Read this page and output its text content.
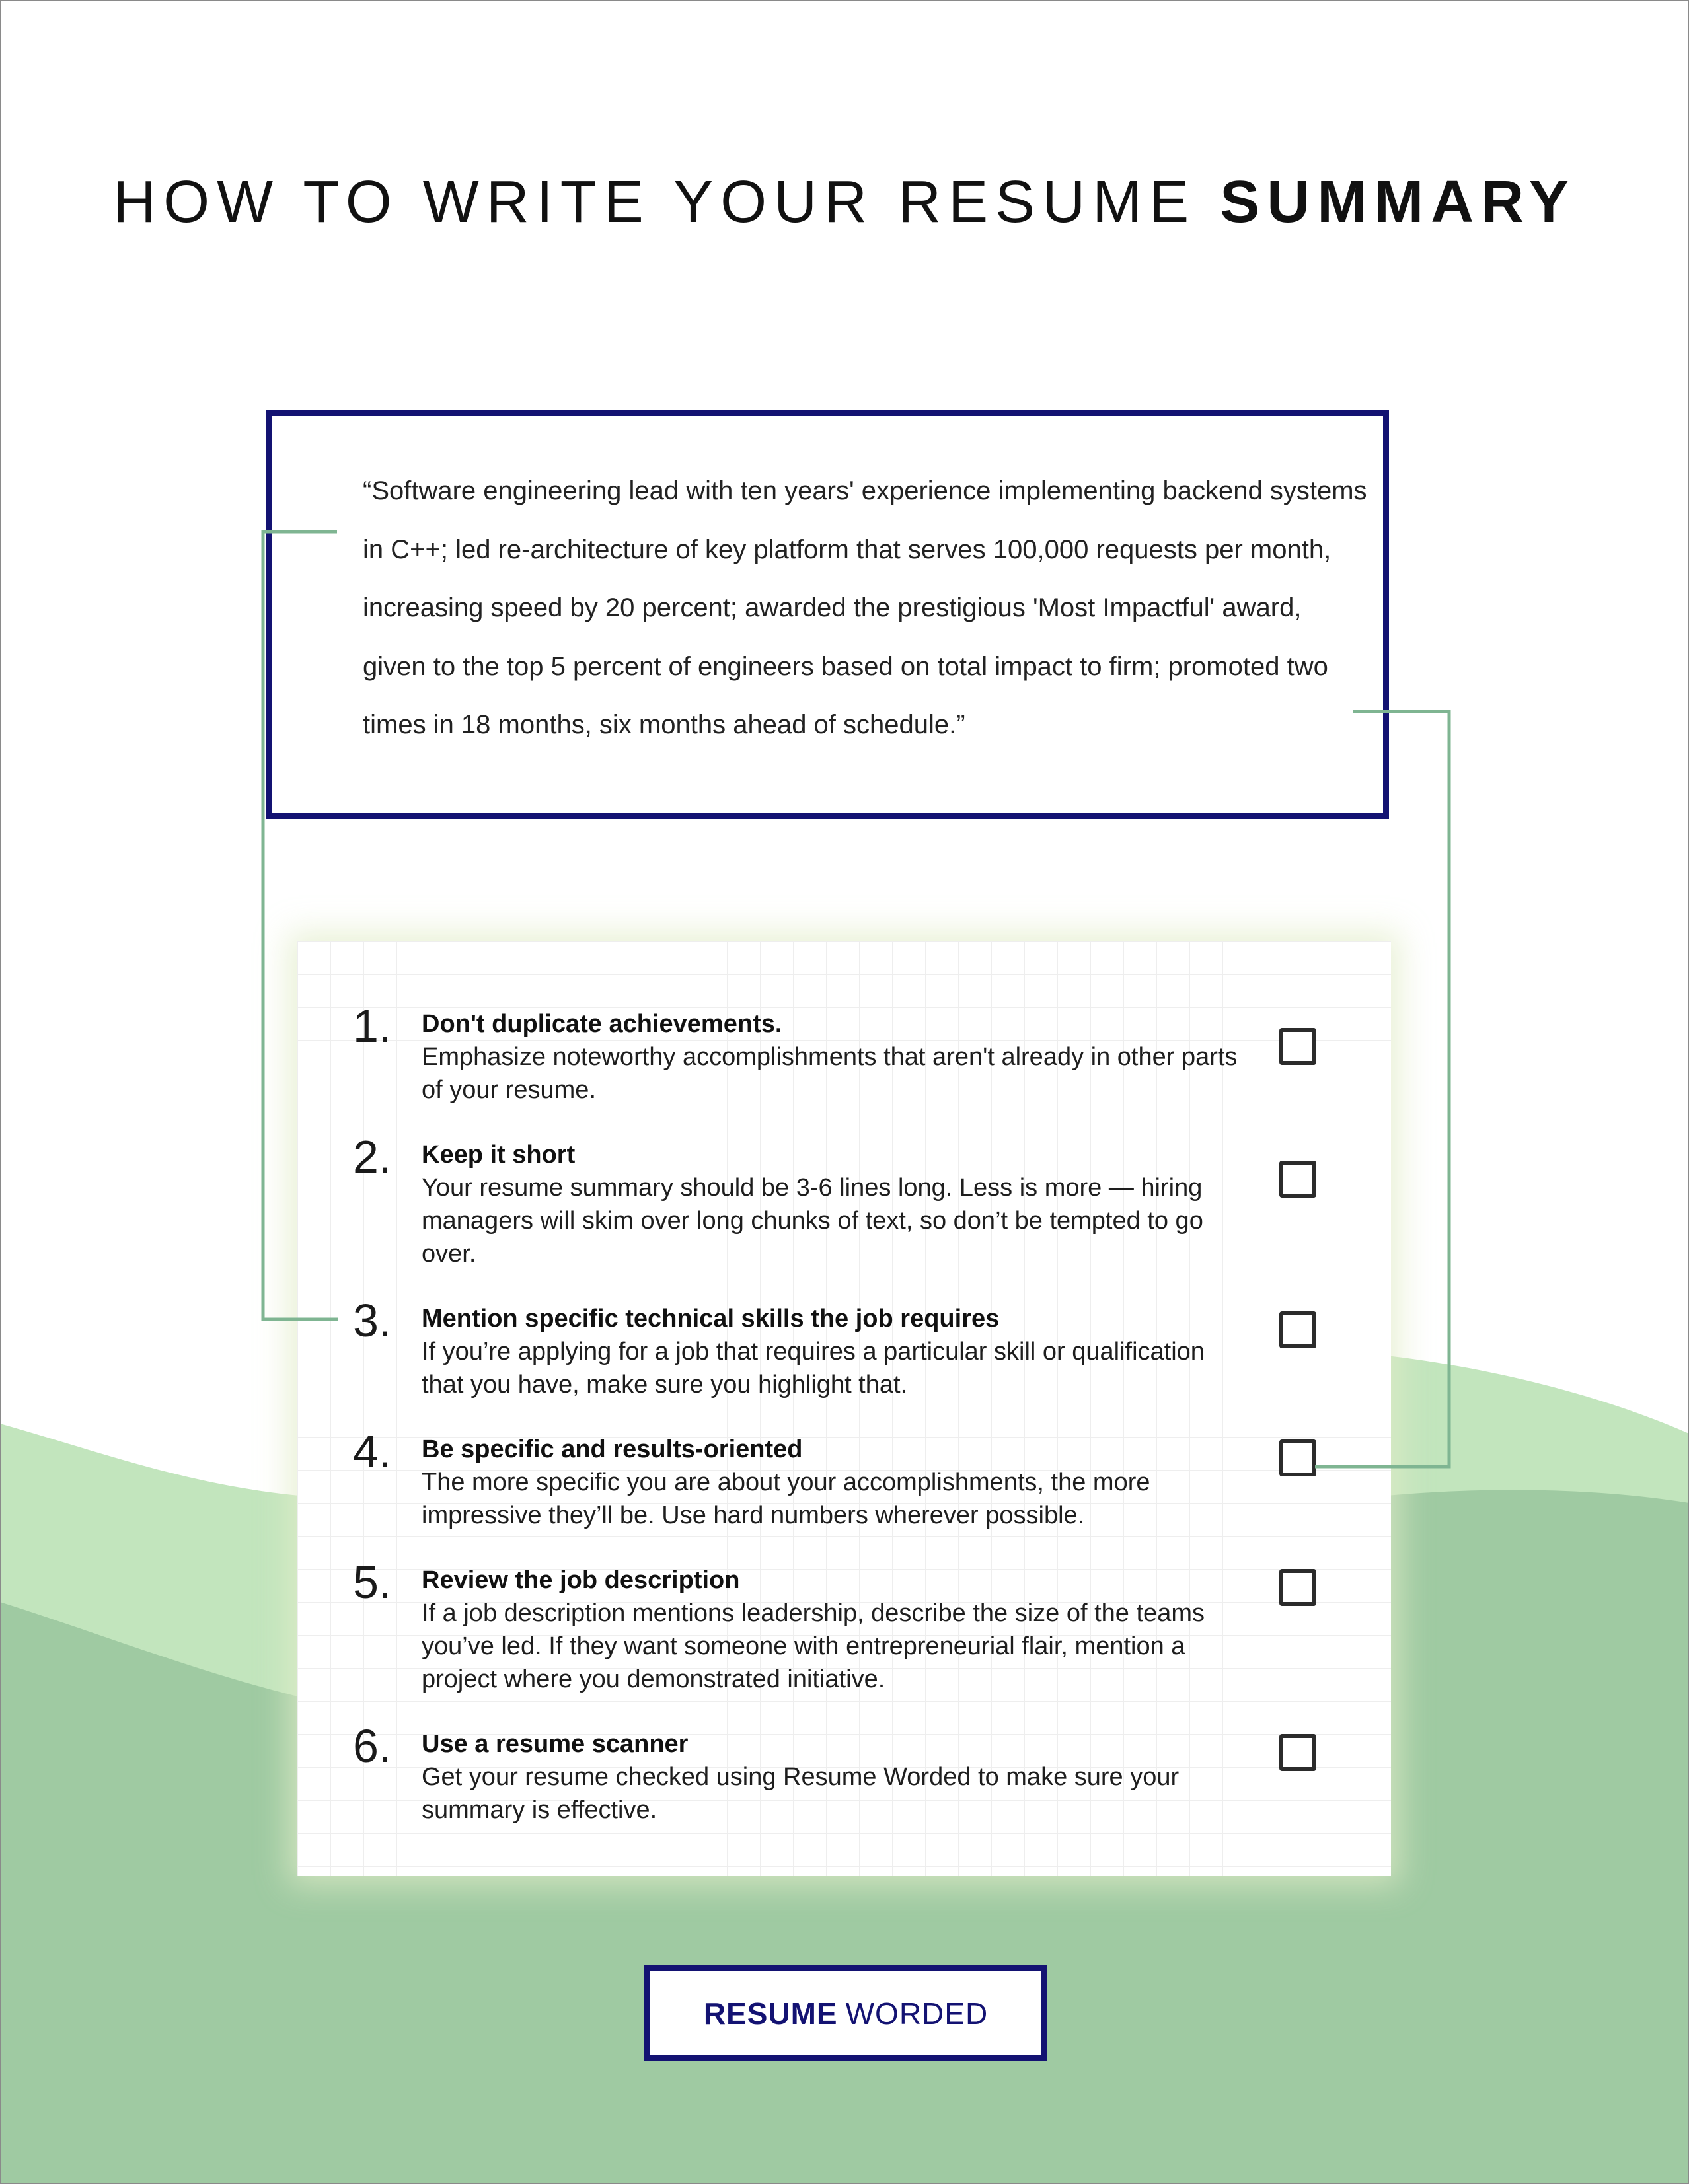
HOW TO WRITE YOUR RESUME SUMMARY
1. Don't duplicate achievements.
Emphasize noteworthy accomplishments that aren't already in other parts of your resume.
2. Keep it short
Your resume summary should be 3-6 lines long. Less is more — hiring managers will skim over long chunks of text, so don’t be tempted to go over.
3. Mention specific technical skills the job requires
If you’re applying for a job that requires a particular skill or qualification that you have, make sure you highlight that.
4. Be specific and results-oriented
The more specific you are about your accomplishments, the more impressive they’ll be. Use hard numbers wherever possible.
5. Review the job description
If a job description mentions leadership, describe the size of the teams you’ve led. If they want someone with entrepreneurial flair, mention a project where you demonstrated initiative.
6. Use a resume scanner
Get your resume checked using Resume Worded to make sure your summary is effective.
“Software engineering lead with ten years' experience implementing backend systems in C++; led re-architecture of key platform that serves 100,000 requests per month, increasing speed by 20 percent; awarded the prestigious 'Most Impactful' award, given to the top 5 percent of engineers based on total impact to firm; promoted two times in 18 months, six months ahead of schedule.”
RESUME WORDED
